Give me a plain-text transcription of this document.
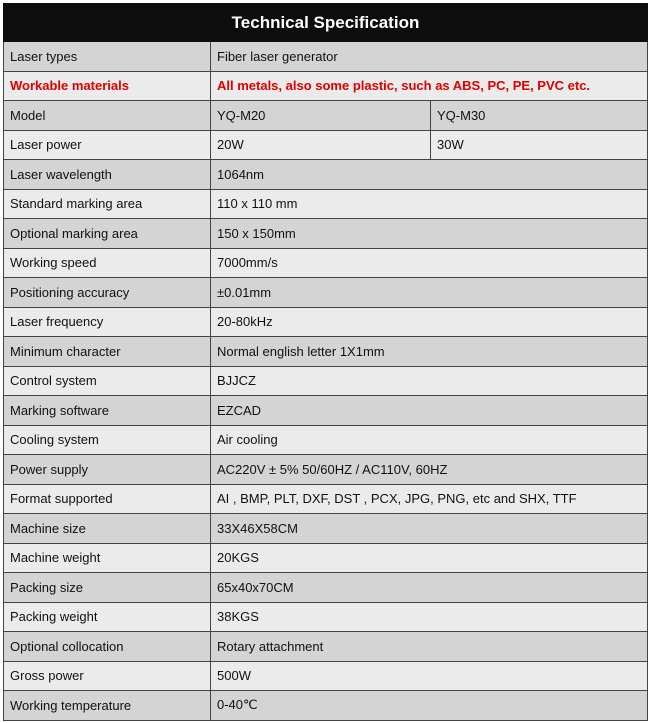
Technical Specification		
Laser types	Fiber laser generator	
Workable materials	All metals, also some plastic, such as ABS, PC, PE, PVC etc.	
Model	YQ-M20	YQ-M30
Laser power	20W	30W
Laser wavelength	1064nm	
Standard marking area	110 x 110 mm	
Optional marking area	150 x 150mm	
Working speed	7000mm/s	
Positioning accuracy	±0.01mm	
Laser frequency	20-80kHz	
Minimum character	Normal english letter 1X1mm	
Control system	BJJCZ	
Marking software	EZCAD	
Cooling system	Air cooling	
Power supply	AC220V ± 5% 50/60HZ / AC110V, 60HZ	
Format supported	AI , BMP, PLT, DXF, DST , PCX, JPG, PNG, etc and SHX, TTF	
Machine size	33X46X58CM	
Machine weight	20KGS	
Packing size	65x40x70CM	
Packing weight	38KGS	
Optional collocation	Rotary attachment	
Gross power	500W	
Working temperature	0-40℃	
